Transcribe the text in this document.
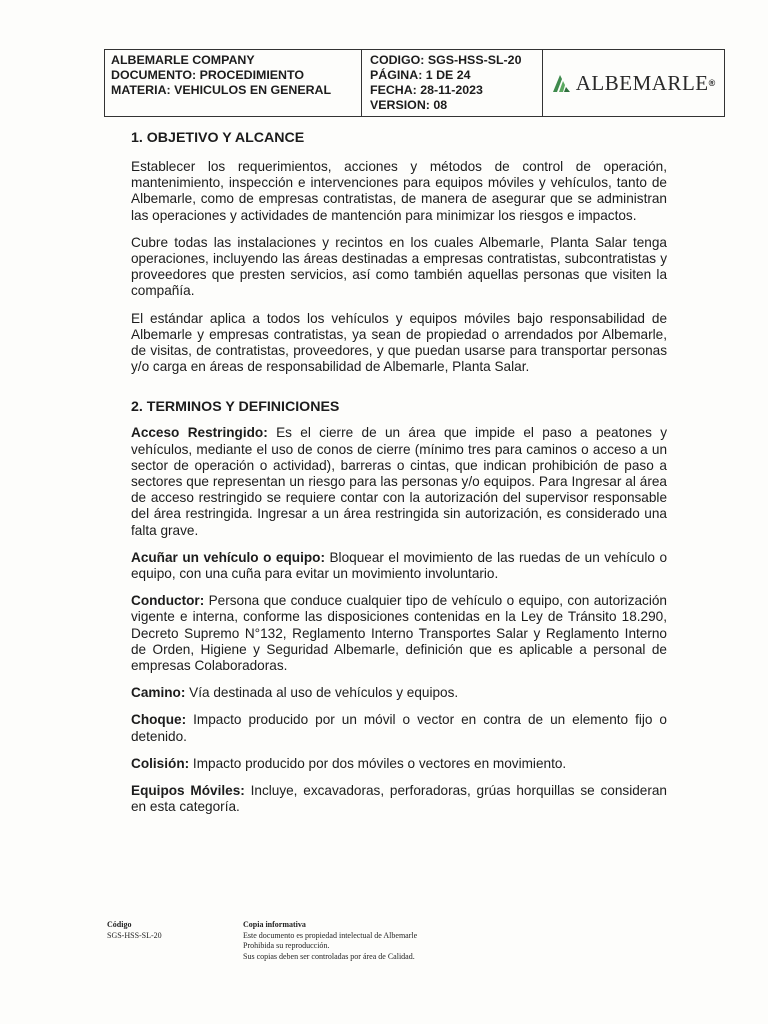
ALBEMARLE COMPANY
DOCUMENTO: PROCEDIMIENTO
MATERIA: VEHICULOS EN GENERAL
CODIGO: SGS-HSS-SL-20
PÁGINA: 1 DE 24
FECHA: 28-11-2023
VERSION: 08
ALBEMARLE ®
1. OBJETIVO Y ALCANCE

Establecer los requerimientos, acciones y métodos de control de operación, mantenimiento, inspección e intervenciones para equipos móviles y vehículos, tanto de Albemarle, como de empresas contratistas, de manera de asegurar que se administran las operaciones y actividades de mantención para minimizar los riesgos e impactos.

Cubre todas las instalaciones y recintos en los cuales Albemarle, Planta Salar tenga operaciones, incluyendo las áreas destinadas a empresas contratistas, subcontratistas y proveedores que presten servicios, así como también aquellas personas que visiten la compañía.

El estándar aplica a todos los vehículos y equipos móviles bajo responsabilidad de Albemarle y empresas contratistas, ya sean de propiedad o arrendados por Albemarle, de visitas, de contratistas, proveedores, y que puedan usarse para transportar personas y/o carga en áreas de responsabilidad de Albemarle, Planta Salar.

2. TERMINOS Y DEFINICIONES

Acceso Restringido: Es el cierre de un área que impide el paso a peatones y vehículos, mediante el uso de conos de cierre (mínimo tres para caminos o acceso a un sector de operación o actividad), barreras o cintas, que indican prohibición de paso a sectores que representan un riesgo para las personas y/o equipos. Para Ingresar al área de acceso restringido se requiere contar con la autorización del supervisor responsable del área restringida. Ingresar a un área restringida sin autorización, es considerado una falta grave.

Acuñar un vehículo o equipo: Bloquear el movimiento de las ruedas de un vehículo o equipo, con una cuña para evitar un movimiento involuntario.

Conductor: Persona que conduce cualquier tipo de vehículo o equipo, con autorización vigente e interna, conforme las disposiciones contenidas en la Ley de Tránsito 18.290, Decreto Supremo N°132, Reglamento Interno Transportes Salar y Reglamento Interno de Orden, Higiene y Seguridad Albemarle, definición que es aplicable a personal de empresas Colaboradoras.

Camino: Vía destinada al uso de vehículos y equipos.

Choque: Impacto producido por un móvil o vector en contra de un elemento fijo o detenido.

Colisión: Impacto producido por dos móviles o vectores en movimiento.

Equipos Móviles: Incluye, excavadoras, perforadoras, grúas horquillas se consideran en esta categoría.

Código
SGS-HSS-SL-20
Copia informativa
Este documento es propiedad intelectual de Albemarle
Prohibida su reproducción.
Sus copias deben ser controladas por área de Calidad.
